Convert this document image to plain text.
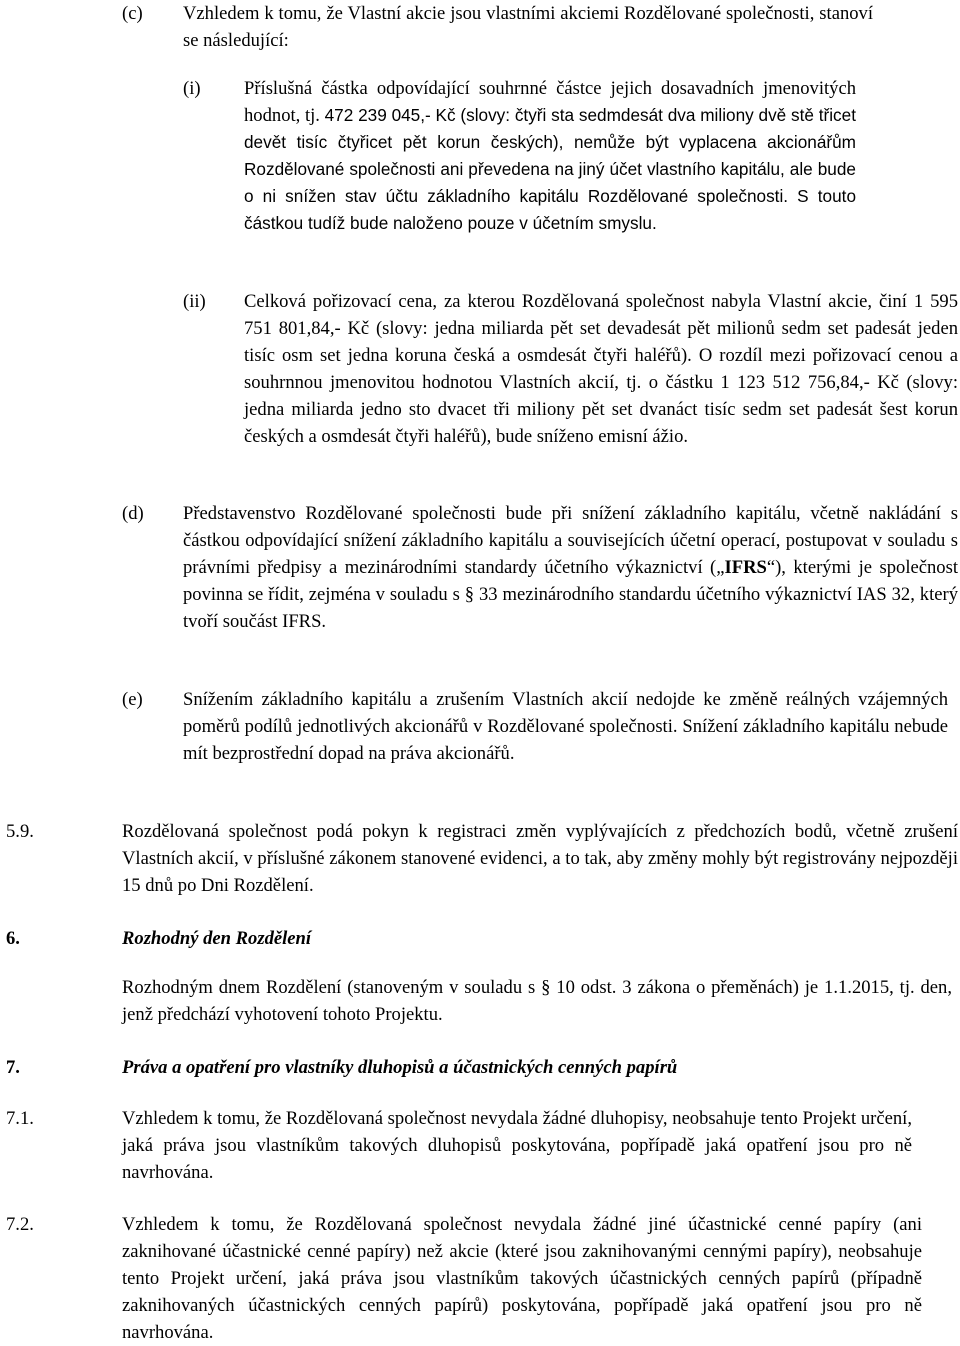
(c) Vzhledem k tomu, že Vlastní akcie jsou vlastními akciemi Rozdělované společnosti, stanoví se následující:

(i) Příslušná částka odpovídající souhrnné částce jejich dosavadních jmenovitých hodnot, tj. 472 239 045,- Kč (slovy: čtyři sta sedmdesát dva miliony dvě stě třicet devět tisíc čtyřicet pět korun českých), nemůže být vyplacena akcionářům Rozdělované společnosti ani převedena na jiný účet vlastního kapitálu, ale bude o ni snížen stav účtu základního kapitálu Rozdělované společnosti. S touto částkou tudíž bude naloženo pouze v účetním smyslu.

(ii) Celková pořizovací cena, za kterou Rozdělovaná společnost nabyla Vlastní akcie, činí 1 595 751 801,84,- Kč (slovy: jedna miliarda pět set devadesát pět milionů sedm set padesát jeden tisíc osm set jedna koruna česká a osmdesát čtyři haléřů). O rozdíl mezi pořizovací cenou a souhrnnou jmenovitou hodnotou Vlastních akcií, tj. o částku 1 123 512 756,84,- Kč (slovy: jedna miliarda jedno sto dvacet tři miliony pět set dvanáct tisíc sedm set padesát šest korun českých a osmdesát čtyři haléřů), bude sníženo emisní ážio.

(d) Představenstvo Rozdělované společnosti bude při snížení základního kapitálu, včetně nakládání s částkou odpovídající snížení základního kapitálu a souvisejících účetní operací, postupovat v souladu s právními předpisy a mezinárodními standardy účetního výkaznictví („IFRS“), kterými je společnost povinna se řídit, zejména v souladu s § 33 mezinárodního standardu účetního výkaznictví IAS 32, který tvoří součást IFRS.

(e) Snížením základního kapitálu a zrušením Vlastních akcií nedojde ke změně reálných vzájemných poměrů podílů jednotlivých akcionářů v Rozdělované společnosti. Snížení základního kapitálu nebude mít bezprostřední dopad na práva akcionářů.

5.9.	Rozdělovaná společnost podá pokyn k registraci změn vyplývajících z předchozích bodů, včetně zrušení Vlastních akcií, v příslušné zákonem stanovené evidenci, a to tak, aby změny mohly být registrovány nejpozději 15 dnů po Dni Rozdělení.

6.	Rozhodný den Rozdělení

Rozhodným dnem Rozdělení (stanoveným v souladu s § 10 odst. 3 zákona o přeměnách) je 1.1.2015, tj. den, jenž předchází vyhotovení tohoto Projektu.

7.	Práva a opatření pro vlastníky dluhopisů a účastnických cenných papírů
7.1.	Vzhledem k tomu, že Rozdělovaná společnost nevydala žádné dluhopisy, neobsahuje tento Projekt určení, jaká práva jsou vlastníkům takových dluhopisů poskytována, popřípadě jaká opatření jsou pro ně navrhována.

7.2.	Vzhledem k tomu, že Rozdělovaná společnost nevydala žádné jiné účastnické cenné papíry (ani zaknihované účastnické cenné papíry) než akcie (které jsou zaknihovanými cennými papíry), neobsahuje tento Projekt určení, jaká práva jsou vlastníkům takových účastnických cenných papírů (případně zaknihovaných účastnických cenných papírů) poskytována, popřípadě jaká opatření jsou pro ně navrhována.
